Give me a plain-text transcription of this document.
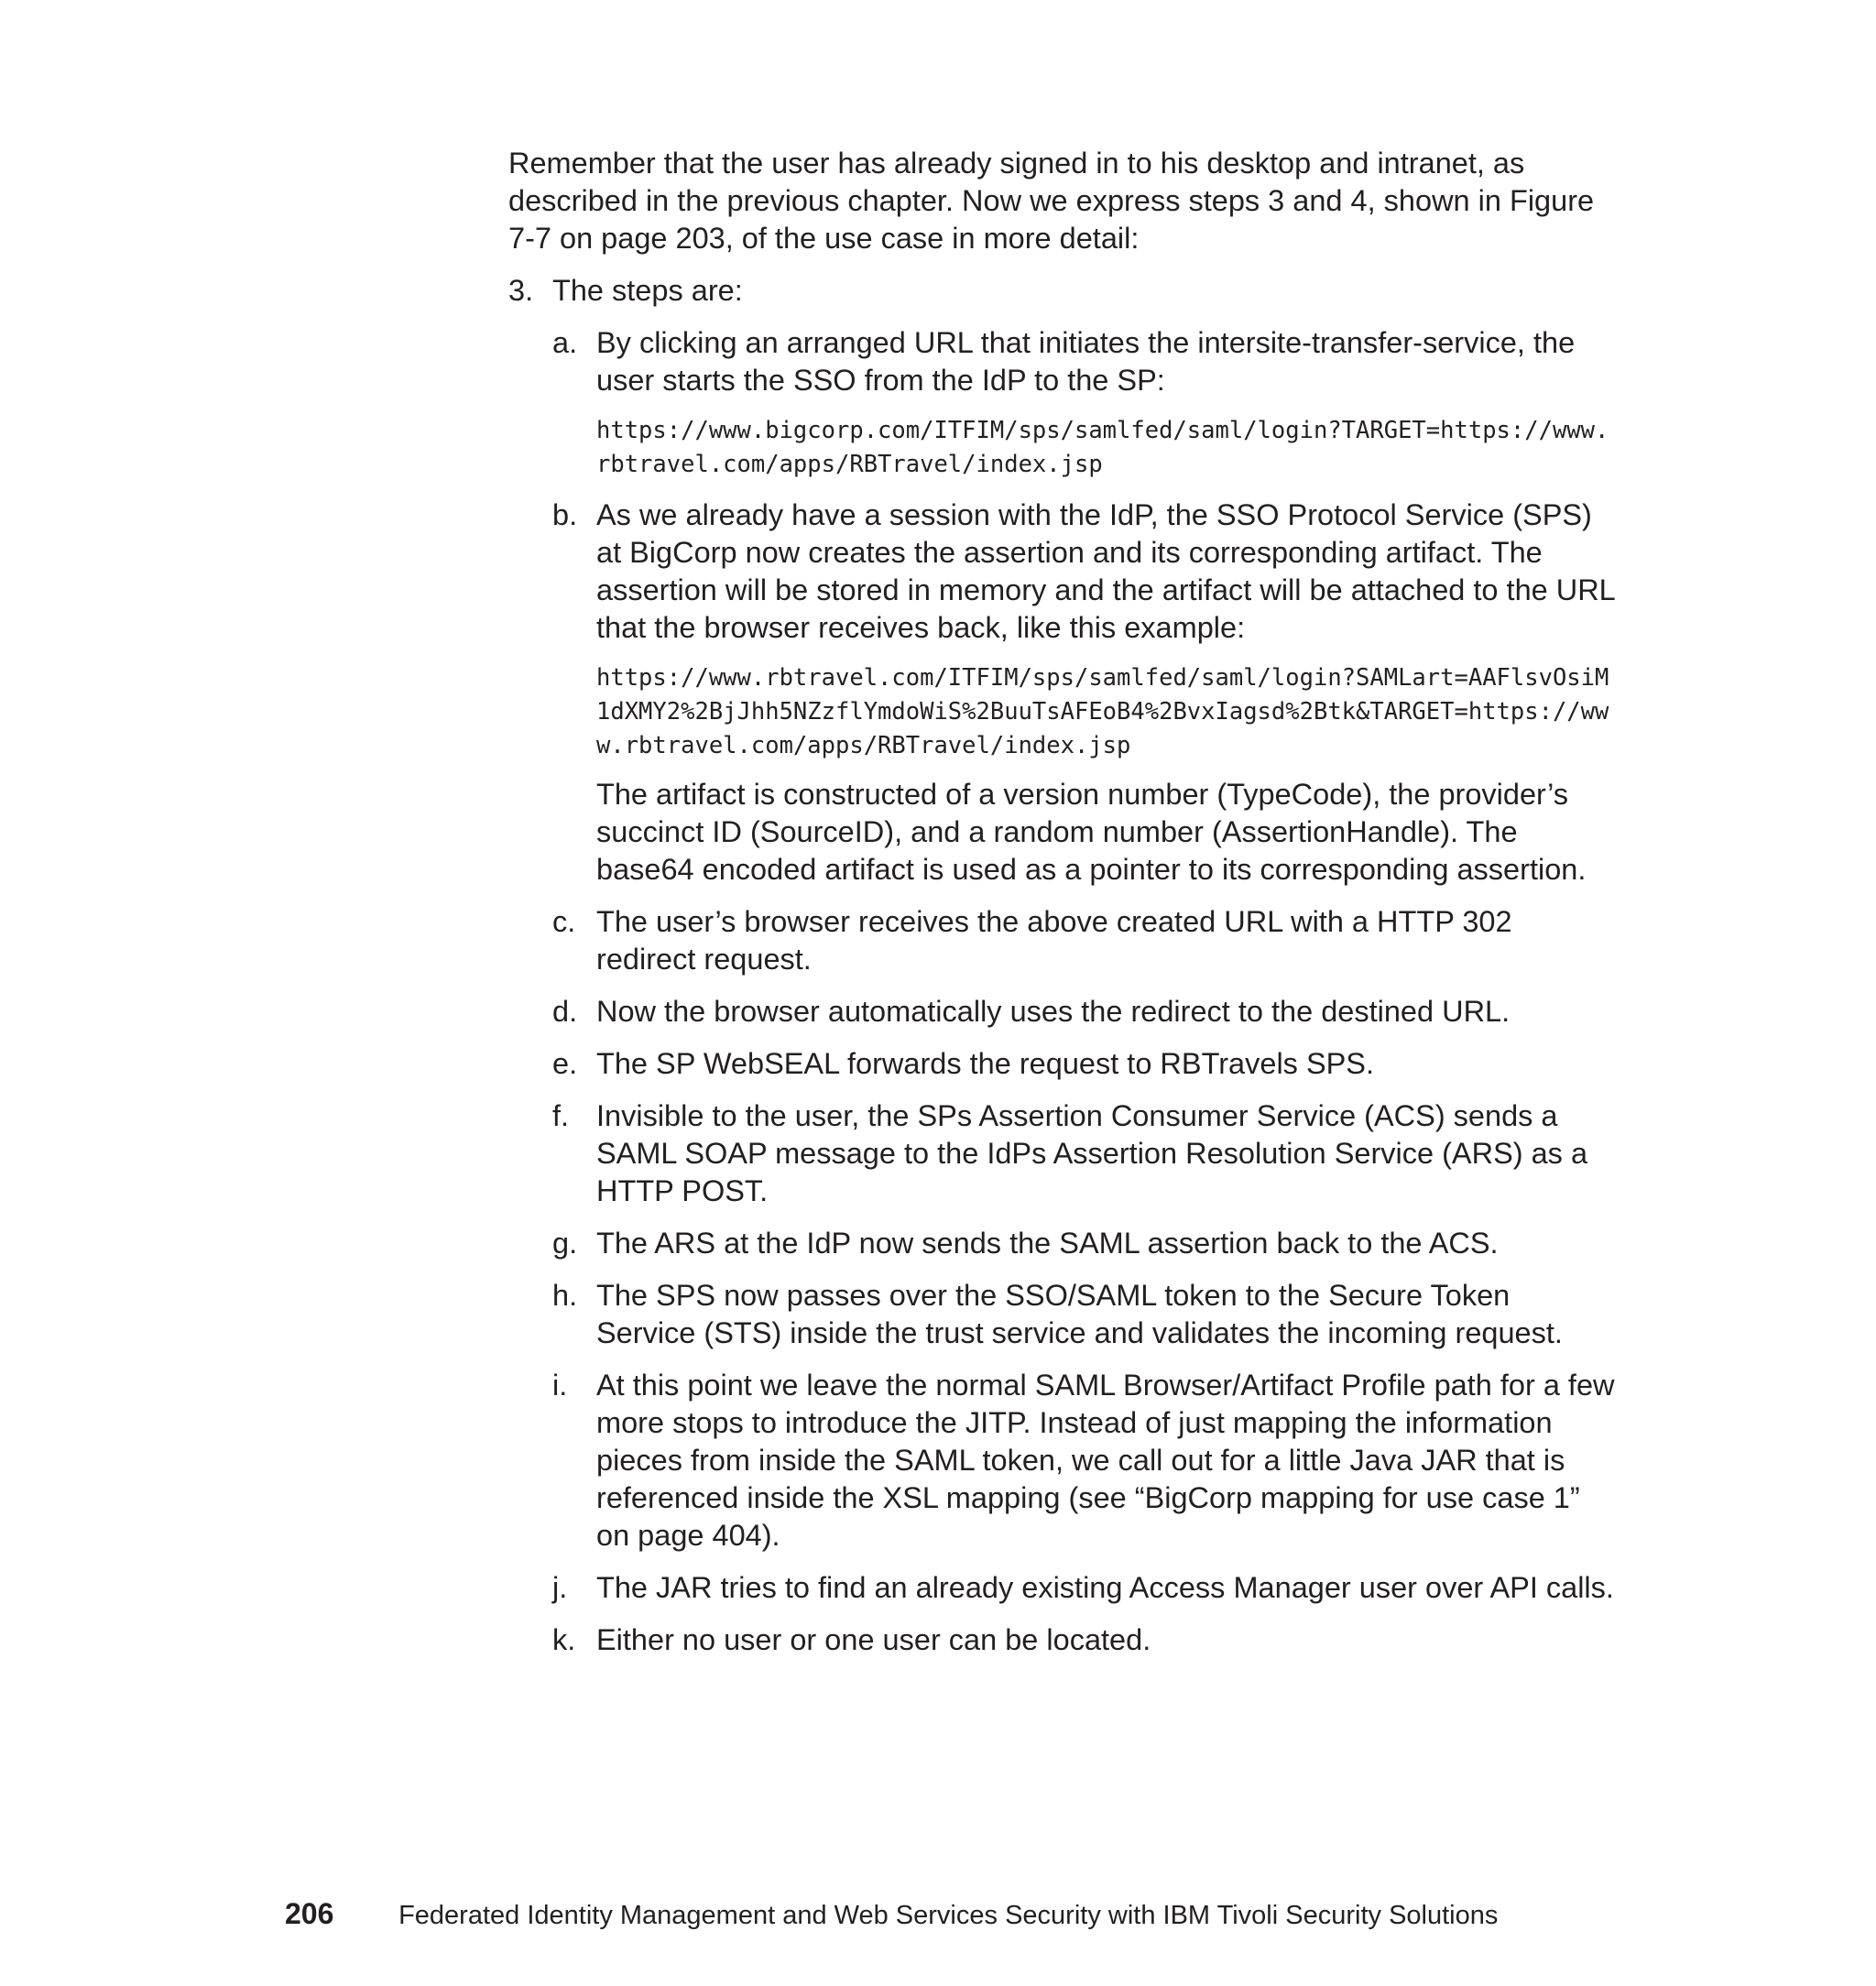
Remember that the user has already signed in to his desktop and intranet, as described in the previous chapter. Now we express steps 3 and 4, shown in Figure 7-7 on page 203, of the use case in more detail:

3. The steps are:

a. By clicking an arranged URL that initiates the intersite-transfer-service, the user starts the SSO from the IdP to the SP:

https://www.bigcorp.com/ITFIM/sps/samlfed/saml/login?TARGET=https://www.
rbtravel.com/apps/RBTravel/index.jsp
b. As we already have a session with the IdP, the SSO Protocol Service (SPS) at BigCorp now creates the assertion and its corresponding artifact. The assertion will be stored in memory and the artifact will be attached to the URL that the browser receives back, like this example:

https://www.rbtravel.com/ITFIM/sps/samlfed/saml/login?SAMLart=AAFlsvOsiM
1dXMY2%2BjJhh5NZzflYmdoWiS%2BuuTsAFEoB4%2BvxIagsd%2Btk&TARGET=https://ww
w.rbtravel.com/apps/RBTravel/index.jsp

The artifact is constructed of a version number (TypeCode), the provider’s succinct ID (SourceID), and a random number (AssertionHandle). The base64 encoded artifact is used as a pointer to its corresponding assertion.

c. The user’s browser receives the above created URL with a HTTP 302 redirect request.

d. Now the browser automatically uses the redirect to the destined URL.

e. The SP WebSEAL forwards the request to RBTravels SPS.

f. Invisible to the user, the SPs Assertion Consumer Service (ACS) sends a SAML SOAP message to the IdPs Assertion Resolution Service (ARS) as a HTTP POST.

g. The ARS at the IdP now sends the SAML assertion back to the ACS.

h. The SPS now passes over the SSO/SAML token to the Secure Token Service (STS) inside the trust service and validates the incoming request.

i. At this point we leave the normal SAML Browser/Artifact Profile path for a few more stops to introduce the JITP. Instead of just mapping the information pieces from inside the SAML token, we call out for a little Java JAR that is referenced inside the XSL mapping (see “BigCorp mapping for use case 1” on page 404).

j. The JAR tries to find an already existing Access Manager user over API calls.

k. Either no user or one user can be located.

206 Federated Identity Management and Web Services Security with IBM Tivoli Security Solutions
